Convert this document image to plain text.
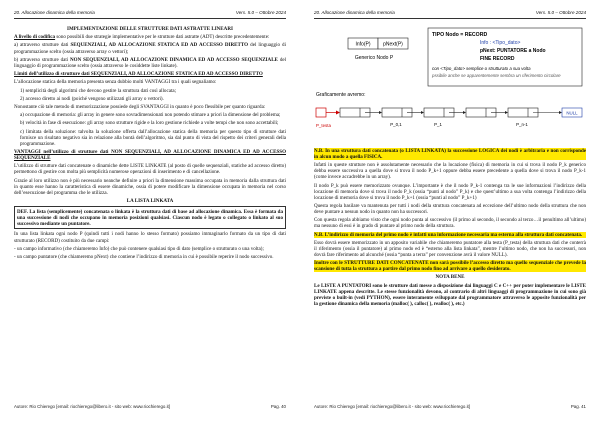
20. Allocazione dinamica della memoria	Vers. 5.0 – Ottobre 2024

IMPLEMENTAZIONE DELLE STRUTTURE DATI ASTRATTE LINEARI

A livello di codifica sono possibili due strategie implementative per le strutture dati astratte (ADT) descritte precedentemente:

a) attraverso strutture dati SEQUENZIALI, AD ALLOCAZIONE STATICA ED AD ACCESSO DIRETTO del linguaggio di programmazione scelto (ossia attraverso array o vettori);

b) attraverso strutture dati NON SEQUENZIALI, AD ALLOCAZIONE DINAMICA ED AD ACCESSO SEQUENZIALE del linguaggio di programmazione scelto (ossia attraverso le cosiddette liste linkate).

Limiti dell’utilizzo di strutture dati SEQUENZIALI, AD ALLOCAZIONE STATICA ED AD ACCESSO DIRETTO

L’allocazione statica della memoria presenta senza dubbio molti VANTAGGI tra i quali segnaliamo:

1) semplicità degli algoritmi che devono gestire la struttura dati così allocata;

2) accesso diretto ai nodi (poiché vengono utilizzati gli array o vettori).

Nonostante ciò tale metodo di memorizzazione possiede degli SVANTAGGI in quanto è poco flessibile per quanto riguarda:

a) occupazione di memoria: gli array in genere sono sovradimensionati non potendo stimare a priori la dimensione del problema;

b) velocità in fase di esecuzione: gli array sono strutture rigide e la loro gestione richiede a volte tempi che non sono accettabili;

c) limitata della soluzione: talvolta la soluzione offerta dall’allocazione statica della memoria per questo tipo di strutture dati fornisce un risultato negativo sia in relazione alla bontà dell’algoritmo, sia dal punto di vista del rispetto dei criteri generali della programmazione.

VANTAGGI nell’utilizzo di strutture dati NON SEQUENZIALI, AD ALLOCAZIONE DINAMICA ED AD ACCESSO SEQUENZIALE

L’utilizzo di strutture dati concatenate o dinamiche dette LISTE LINKATE (al posto di quelle sequenziali, statiche ad accesso diretto) permettono di gestire con molta più semplicità numerose operazioni di inserimento e di cancellazione.

Grazie al loro utilizzo non è più necessario neanche definire a priori la dimensione massima occupata in memoria dalla struttura dati in quanto esse hanno la caratteristica di essere dinamiche, ossia di potere modificare la dimensione occupata in memoria nel corso dell’esecuzione del programma che le utilizza.

LA LISTA LINKATA

DEF. La lista (semplicemente) concatenata o linkata è la struttura dati di base ad allocazione dinamica. Essa è formata da una successione di nodi che occupano in memoria posizioni qualsiasi. Ciascun nodo è legato o collegato o linkato al suo successivo mediante un puntatore.

In una lista linkata ogni nodo P (quindi tutti i nodi hanno lo stesso formato) possiamo immaginarlo formato da un tipo di dati strutturato (RECORD) costituito da due campi:

- un campo informativo (che chiameremo Info) che può contenere qualsiasi tipo di dato (semplice o strutturato o una volta);

- un campo puntatore (che chiameremo pNext) che contiene l’indirizzo di memoria in cui è possibile reperire il nodo successivo.

Autore: Rio Chierego [email: riochierego@libero.it - sito web: www.riochierego.it]	Pag. 40
20. Allocazione dinamica della memoria	Vers. 5.0 – Ottobre 2024
Info(P)	pNext(P)
Generico Nodo P
TIPO Nodo = RECORD
Info : <Tipo_dato>
pNext: PUNTATORE a Nodo
FINE RECORD
con <Tipo_dato> semplice o strutturato a sua volta
pssibile anche se apparentemente sembra un riferimento circolare
Graficamente avremo:
P_testa
NULL
P_0,1	P_1	P_n-1

N.B. In una struttura dati concatenata (o LISTA LINKATA) la successione LOGICA dei nodi è arbitraria e non corrisponde in alcun modo a quella FISICA.

Infatti in queste strutture non è assolutamente necessario che la locazione (fisica) di memoria in cui si trova il nodo P_k generico debba essere successiva a quella dove si trova il nodo P_k+1 oppure debba essere precedente a quella dove si trova il nodo P_k-1 (come invece accadrebbe in un array).

Il nodo P_k può essere memorizzato ovunque. L’importante è che il nodo P_k-1 contenga tra le sue informazioni l’indirizzo della locazione di memoria dove si trova il nodo P_k (ossia “punti al nodo” P_k) e che quest’ultimo a sua volta contenga l’indirizzo della locazione di memoria dove si trova il nodo P_k+1 (ossia “punti al nodo” P_k+1)

Questa regola basilare va mantenuta per tutti i nodi della struttura concatenata ad eccezione dell’ultimo nodo della struttura che non deve puntare a nessun nodo in quanto non ha successori.

Con questa regola abbiamo visto che ogni nodo punta al successivo (il primo al secondo, il secondo al terzo…il penultimo all’ultimo) ma nessuno di essi è in grado di puntare al primo nodo della struttura.

N.B. L’indirizzo di memoria del primo nodo è infatti una informazione necessaria ma esterna alla struttura dati concatenata.

Esso dovrà essere memorizzato in un apposito variabile che chiameremo puntatore alla testa (P_testa) della struttura dati che conterrà il riferimento (ossia il puntatore) al primo nodo ed è “esterno alla lista linkata”, mentre l’ultimo nodo, che non ha successori, non dovrà fare riferimento ad alcunché (ossia “punta a terra” per convenzione avrà il valore NULL).

Inoltre con le STRUTTURE DATI CONCATENATE non sarà possibile l’accesso diretto ma quello sequenziale che prevede la scansione di tutta la struttura a partire dal primo nodo fino ad arrivare a quello desiderato.

NOTA BENE

Le LISTE A PUNTATORI sono le strutture dati messe a disposizione dai linguaggi C e C++ per poter implementare le LISTE LINKATE appena descritte. Le stesse funzionalità devono, al contrario di altri linguaggi di programmazione in cui sono già previste o built-in (vedi PYTHON), essere interamente sviluppate dal programmatore attraverso le apposite funzionalità per la gestione dinamica della memoria (malloc( ), calloc( ), realloc( ), etc.)

Autore: Rio Chierego [email: riochierego@libero.it - sito web: www.riochierego.it]	Pag. 41
